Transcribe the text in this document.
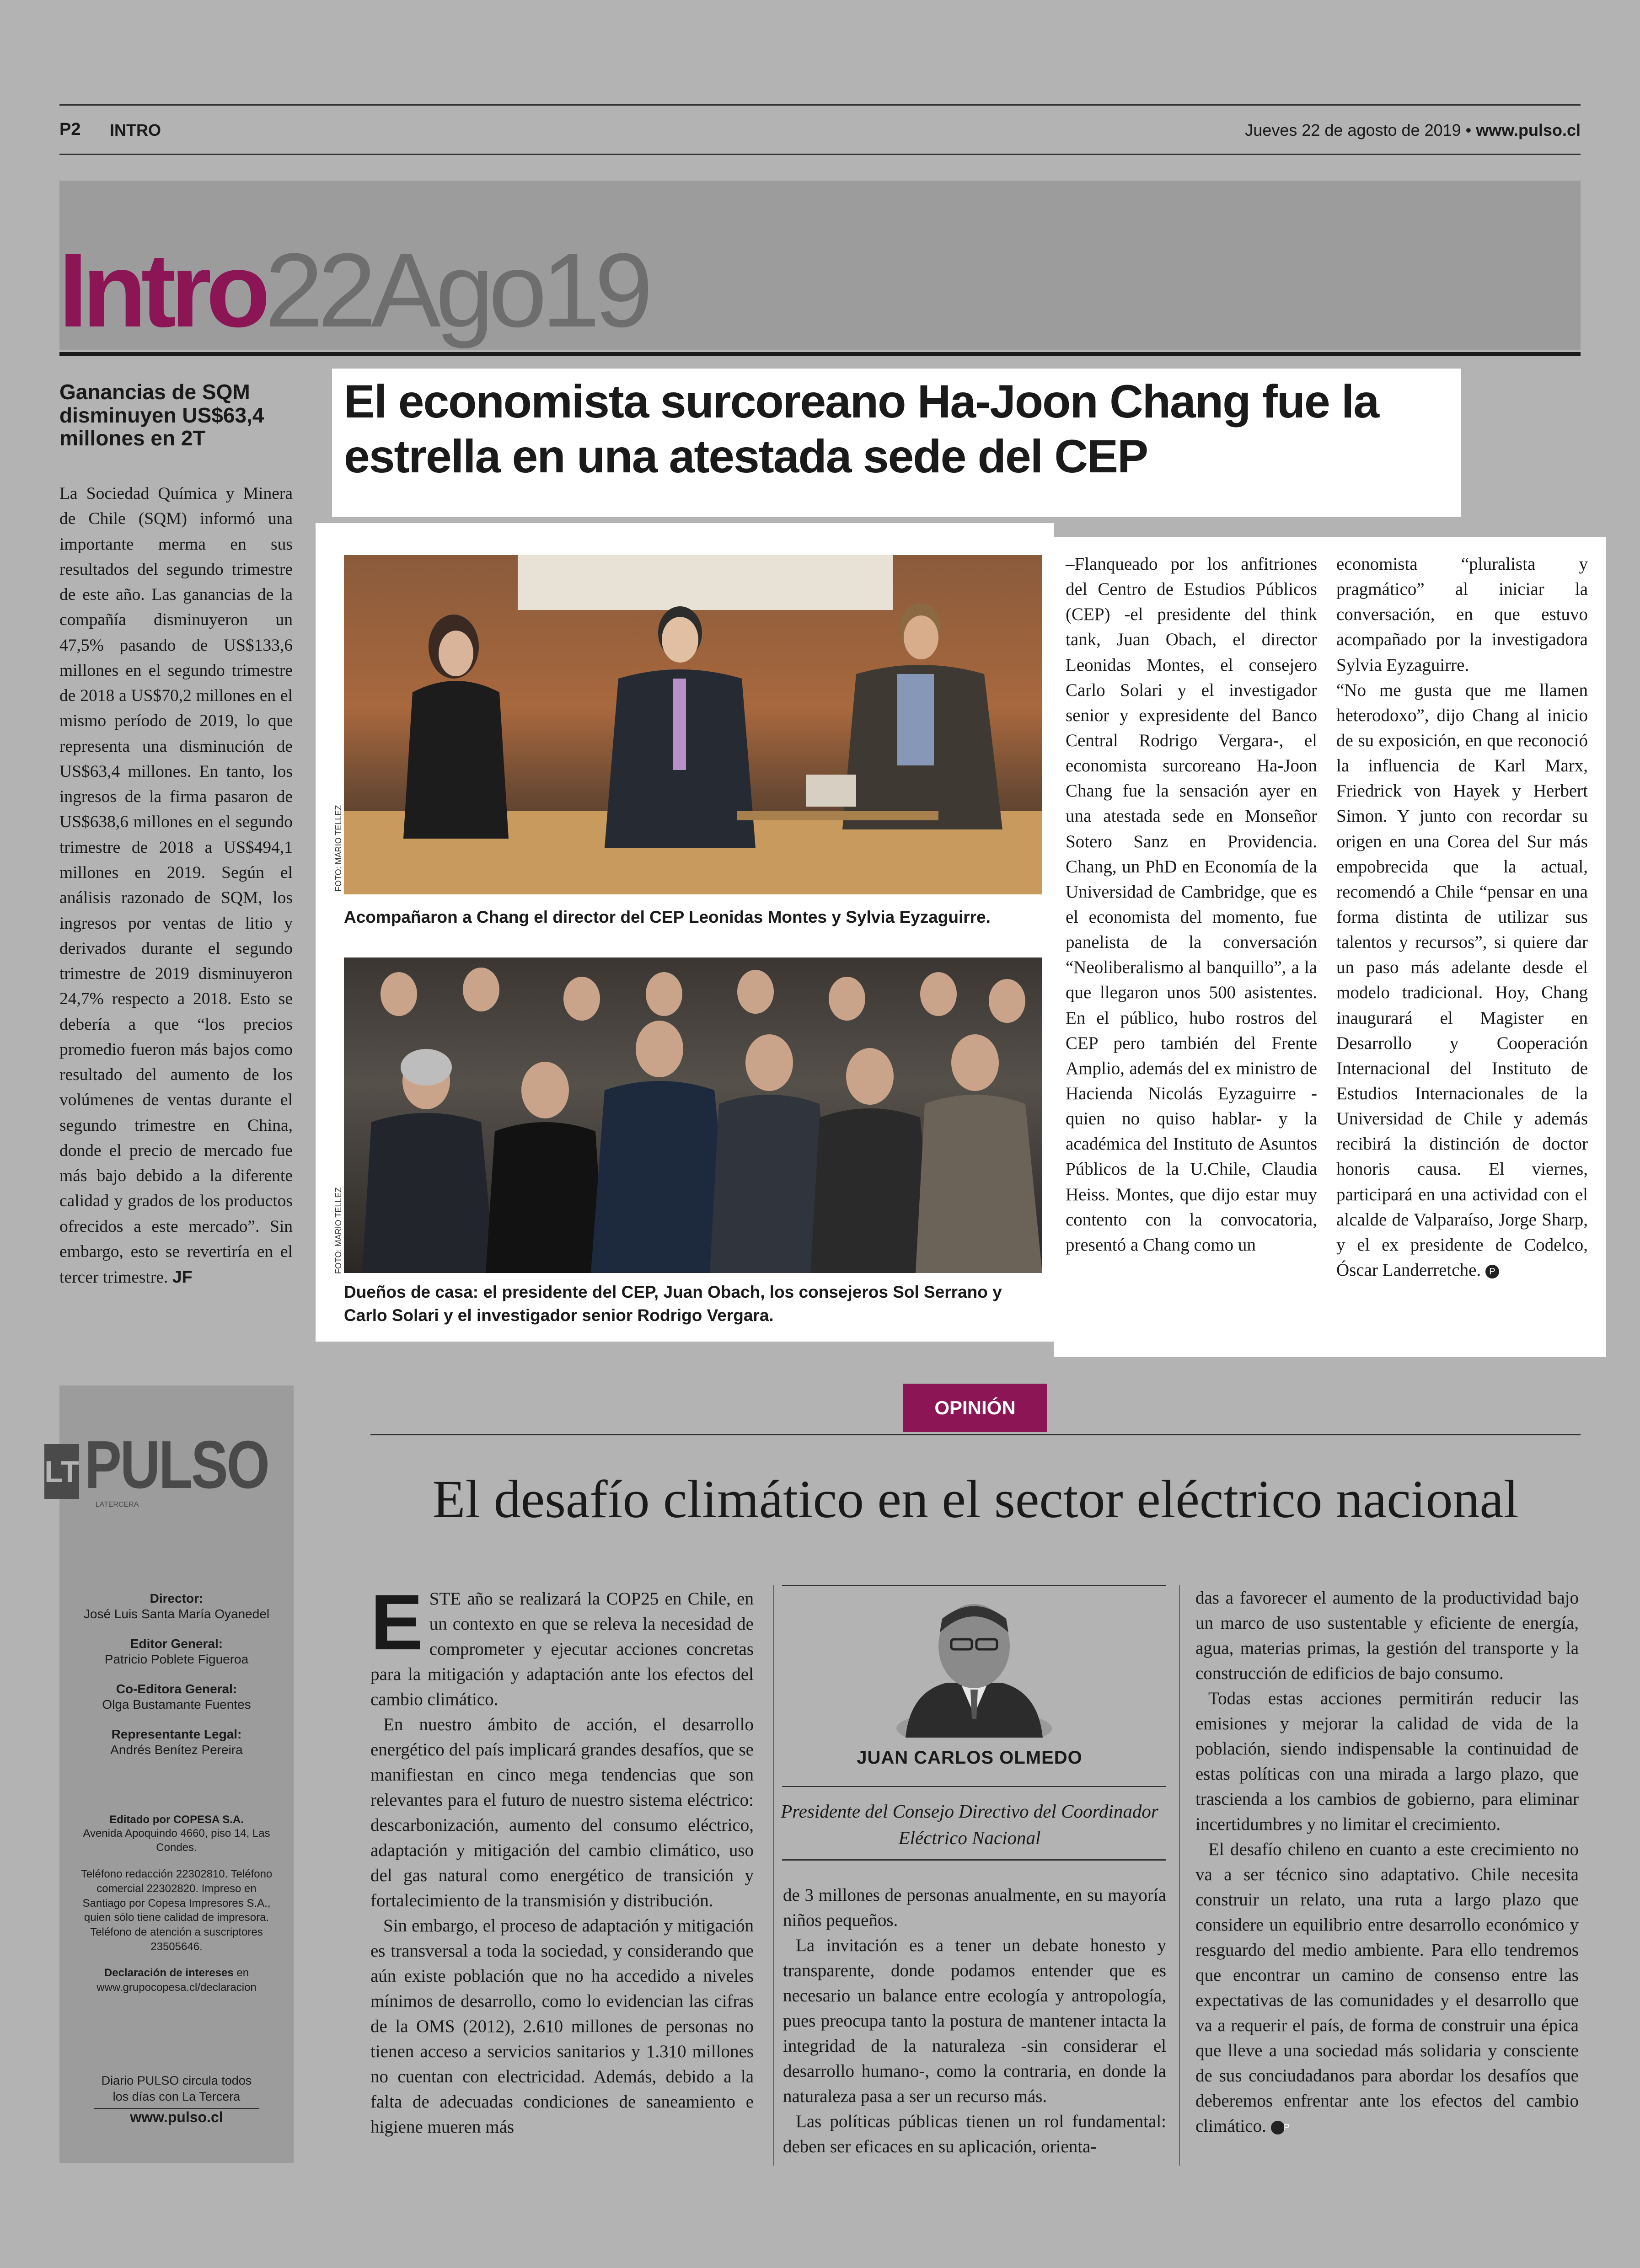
P2 INTRO	Jueves 22 de agosto de 2019 • www.pulso.cl
Intro22Ago19
Ganancias de SQM disminuyen US$63,4 millones en 2T
La Sociedad Química y Minera de Chile (SQM) informó una importante merma en sus resultados del segundo trimestre de este año. Las ganancias de la compañía disminuyeron un 47,5% pasando de US$133,6 millones en el segundo trimestre de 2018 a US$70,2 millones en el mismo período de 2019, lo que representa una disminución de US$63,4 millones. En tanto, los ingresos de la firma pasaron de US$638,6 millones en el segundo trimestre de 2018 a US$494,1 millones en 2019. Según el análisis razonado de SQM, los ingresos por ventas de litio y derivados durante el segundo trimestre de 2019 disminuyeron 24,7% respecto a 2018. Esto se debería a que “los precios promedio fueron más bajos como resultado del aumento de los volúmenes de ventas durante el segundo trimestre en China, donde el precio de mercado fue más bajo debido a la diferente calidad y grados de los productos ofrecidos a este mercado”. Sin embargo, esto se revertiría en el tercer trimestre. JF
El economista surcoreano Ha-Joon Chang fue la estrella en una atestada sede del CEP
FOTO: MARIO TELLEZ
Acompañaron a Chang el director del CEP Leonidas Montes y Sylvia Eyzaguirre.
FOTO: MARIO TELLEZ
Dueños de casa: el presidente del CEP, Juan Obach, los consejeros Sol Serrano y Carlo Solari y el investigador senior Rodrigo Vergara.
–Flanqueado por los anfitriones del Centro de Estudios Públicos (CEP) -el presidente del think tank, Juan Obach, el director Leonidas Montes, el consejero Carlo Solari y el investigador senior y expresidente del Banco Central Rodrigo Vergara-, el economista surcoreano Ha-Joon Chang fue la sensación ayer en una atestada sede en Monseñor Sotero Sanz en Providencia. Chang, un PhD en Economía de la Universidad de Cambridge, que es el economista del momento, fue panelista de la conversación “Neoliberalismo al banquillo”, a la que llegaron unos 500 asistentes. En el público, hubo rostros del CEP pero también del Frente Amplio, además del ex ministro de Hacienda Nicolás Eyzaguirre -quien no quiso hablar- y la académica del Instituto de Asuntos Públicos de la U.Chile, Claudia Heiss. Montes, que dijo estar muy contento con la convocatoria, presentó a Chang como un

economista “pluralista y pragmático” al iniciar la conversación, en que estuvo acompañado por la investigadora Sylvia Eyzaguirre.

“No me gusta que me llamen heterodoxo”, dijo Chang al inicio de su exposición, en que reconoció la influencia de Karl Marx, Friedrick von Hayek y Herbert Simon. Y junto con recordar su origen en una Corea del Sur más empobrecida que la actual, recomendó a Chile “pensar en una forma distinta de utilizar sus talentos y recursos”, si quiere dar un paso más adelante desde el modelo tradicional. Hoy, Chang inaugurará el Magister en Desarrollo y Cooperación Internacional del Instituto de Estudios Internacionales de la Universidad de Chile y además recibirá la distinción de doctor honoris causa. El viernes, participará en una actividad con el alcalde de Valparaíso, Jorge Sharp, y el ex presidente de Codelco, Óscar Landerretche. P

LT PULSO
LATERCERA
Director:
José Luis Santa María Oyanedel
Editor General:
Patricio Poblete Figueroa
Co-Editora General:
Olga Bustamante Fuentes
Representante Legal:
Andrés Benítez Pereira
Editado por COPESA S.A.
Avenida Apoquindo 4660, piso 14, Las Condes.
Teléfono redacción 22302810. Teléfono comercial 22302820. Impreso en Santiago por Copesa Impresores S.A., quien sólo tiene calidad de impresora. Teléfono de atención a suscriptores 23505646.
Declaración de intereses en www.grupocopesa.cl/declaracion
Diario PULSO circula todos los días con La Tercera
www.pulso.cl
OPINIÓN
El desafío climático en el sector eléctrico nacional

ESTE año se realizará la COP25 en Chile, en un contexto en que se releva la necesidad de comprometer y ejecutar acciones concretas para la mitigación y adaptación ante los efectos del cambio climático.

En nuestro ámbito de acción, el desarrollo energético del país implicará grandes desafíos, que se manifiestan en cinco mega tendencias que son relevantes para el futuro de nuestro sistema eléctrico: descarbonización, aumento del consumo eléctrico, adaptación y mitigación del cambio climático, uso del gas natural como energético de transición y fortalecimiento de la transmisión y distribución.

Sin embargo, el proceso de adaptación y mitigación es transversal a toda la sociedad, y considerando que aún existe población que no ha accedido a niveles mínimos de desarrollo, como lo evidencian las cifras de la OMS (2012), 2.610 millones de personas no tienen acceso a servicios sanitarios y 1.310 millones no cuentan con electricidad. Además, debido a la falta de adecuadas condiciones de saneamiento e higiene mueren más

JUAN CARLOS OLMEDO
Presidente del Consejo Directivo del Coordinador Eléctrico Nacional

de 3 millones de personas anualmente, en su mayoría niños pequeños.

La invitación es a tener un debate honesto y transparente, donde podamos entender que es necesario un balance entre ecología y antropología, pues preocupa tanto la postura de mantener intacta la integridad de la naturaleza -sin considerar el desarrollo humano-, como la contraria, en donde la naturaleza pasa a ser un recurso más.

Las políticas públicas tienen un rol fundamental: deben ser eficaces en su aplicación, orienta-

das a favorecer el aumento de la productividad bajo un marco de uso sustentable y eficiente de energía, agua, materias primas, la gestión del transporte y la construcción de edificios de bajo consumo.

Todas estas acciones permitirán reducir las emisiones y mejorar la calidad de vida de la población, siendo indispensable la continuidad de estas políticas con una mirada a largo plazo, que trascienda a los cambios de gobierno, para eliminar incertidumbres y no limitar el crecimiento.

El desafío chileno en cuanto a este crecimiento no va a ser técnico sino adaptativo. Chile necesita construir un relato, una ruta a largo plazo que considere un equilibrio entre desarrollo económico y resguardo del medio ambiente. Para ello tendremos que encontrar un camino de consenso entre las expectativas de las comunidades y el desarrollo que va a requerir el país, de forma de construir una épica que lleve a una sociedad más solidaria y consciente de sus conciudadanos para abordar los desafíos que deberemos enfrentar ante los efectos del cambio climático. P
